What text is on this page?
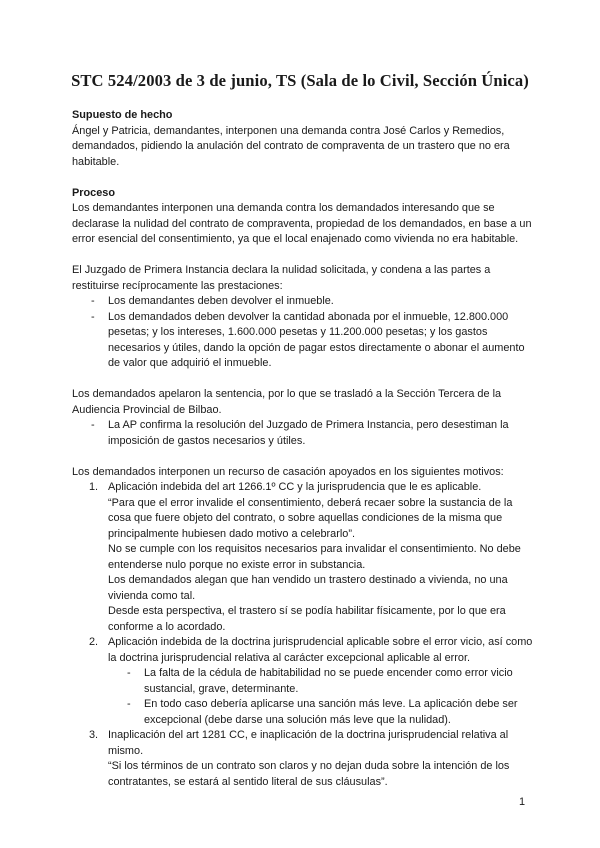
STC 524/2003 de 3 de junio, TS (Sala de lo Civil, Sección Única)

Supuesto de hecho

Ángel y Patricia, demandantes, interponen una demanda contra José Carlos y Remedios, demandados, pidiendo la anulación del contrato de compraventa de un trastero que no era habitable.

Proceso

Los demandantes interponen una demanda contra los demandados interesando que se declarase la nulidad del contrato de compraventa, propiedad de los demandados, en base a un error esencial del consentimiento, ya que el local enajenado como vivienda no era habitable.

El Juzgado de Primera Instancia declara la nulidad solicitada, y condena a las partes a restituirse recíprocamente las prestaciones:

- Los demandantes deben devolver el inmueble.
- Los demandados deben devolver la cantidad abonada por el inmueble, 12.800.000 pesetas; y los intereses, 1.600.000 pesetas y 11.200.000 pesetas; y los gastos necesarios y útiles, dando la opción de pagar estos directamente o abonar el aumento de valor que adquirió el inmueble.

Los demandados apelaron la sentencia, por lo que se trasladó a la Sección Tercera de la Audiencia Provincial de Bilbao.

- La AP confirma la resolución del Juzgado de Primera Instancia, pero desestiman la imposición de gastos necesarios y útiles.

Los demandados interponen un recurso de casación apoyados en los siguientes motivos:

1. Aplicación indebida del art 1266.1º CC y la jurisprudencia que le es aplicable.

“Para que el error invalide el consentimiento, deberá recaer sobre la sustancia de la cosa que fuere objeto del contrato, o sobre aquellas condiciones de la misma que principalmente hubiesen dado motivo a celebrarlo”.

No se cumple con los requisitos necesarios para invalidar el consentimiento. No debe entenderse nulo porque no existe error in substancia.

Los demandados alegan que han vendido un trastero destinado a vivienda, no una vivienda como tal.

Desde esta perspectiva, el trastero sí se podía habilitar físicamente, por lo que era conforme a lo acordado.

2. Aplicación indebida de la doctrina jurisprudencial aplicable sobre el error vicio, así como la doctrina jurisprudencial relativa al carácter excepcional aplicable al error.

- La falta de la cédula de habitabilidad no se puede encender como error vicio sustancial, grave, determinante.
- En todo caso debería aplicarse una sanción más leve. La aplicación debe ser excepcional (debe darse una solución más leve que la nulidad).
3. Inaplicación del art 1281 CC, e inaplicación de la doctrina jurisprudencial relativa al mismo.

“Si los términos de un contrato son claros y no dejan duda sobre la intención de los contratantes, se estará al sentido literal de sus cláusulas”.

1
